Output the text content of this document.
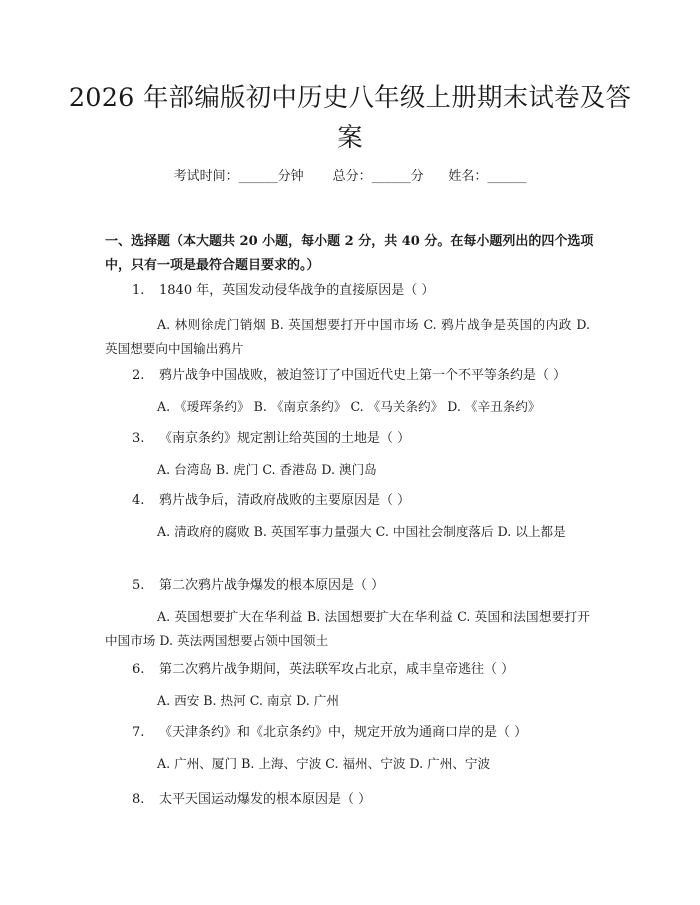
2026 年部编版初中历史八年级上册期末试卷及答案
考试时间：______分钟 总分：______分 姓名：______

一、选择题（本大题共 20 小题，每小题 2 分，共 40 分。在每小题列出的四个选项中，只有一项是最符合题目要求的。）

1. 1840 年，英国发动侵华战争的直接原因是（ ）
A. 林则徐虎门销烟 B. 英国想要打开中国市场 C. 鸦片战争是英国的内政 D. 英国想要向中国输出鸦片
2. 鸦片战争中国战败，被迫签订了中国近代史上第一个不平等条约是（ ）
A. 《瑷珲条约》 B. 《南京条约》 C. 《马关条约》 D. 《辛丑条约》
3. 《南京条约》规定割让给英国的土地是（ ）
A. 台湾岛 B. 虎门 C. 香港岛 D. 澳门岛
4. 鸦片战争后，清政府战败的主要原因是（ ）
A. 清政府的腐败 B. 英国军事力量强大 C. 中国社会制度落后 D. 以上都是
5. 第二次鸦片战争爆发的根本原因是（ ）
A. 英国想要扩大在华利益 B. 法国想要扩大在华利益 C. 英国和法国想要打开中国市场 D. 英法两国想要占领中国领土
6. 第二次鸦片战争期间，英法联军攻占北京，咸丰皇帝逃往（ ）
A. 西安 B. 热河 C. 南京 D. 广州
7. 《天津条约》和《北京条约》中，规定开放为通商口岸的是（ ）
A. 广州、厦门 B. 上海、宁波 C. 福州、宁波 D. 广州、宁波
8. 太平天国运动爆发的根本原因是（ ）
